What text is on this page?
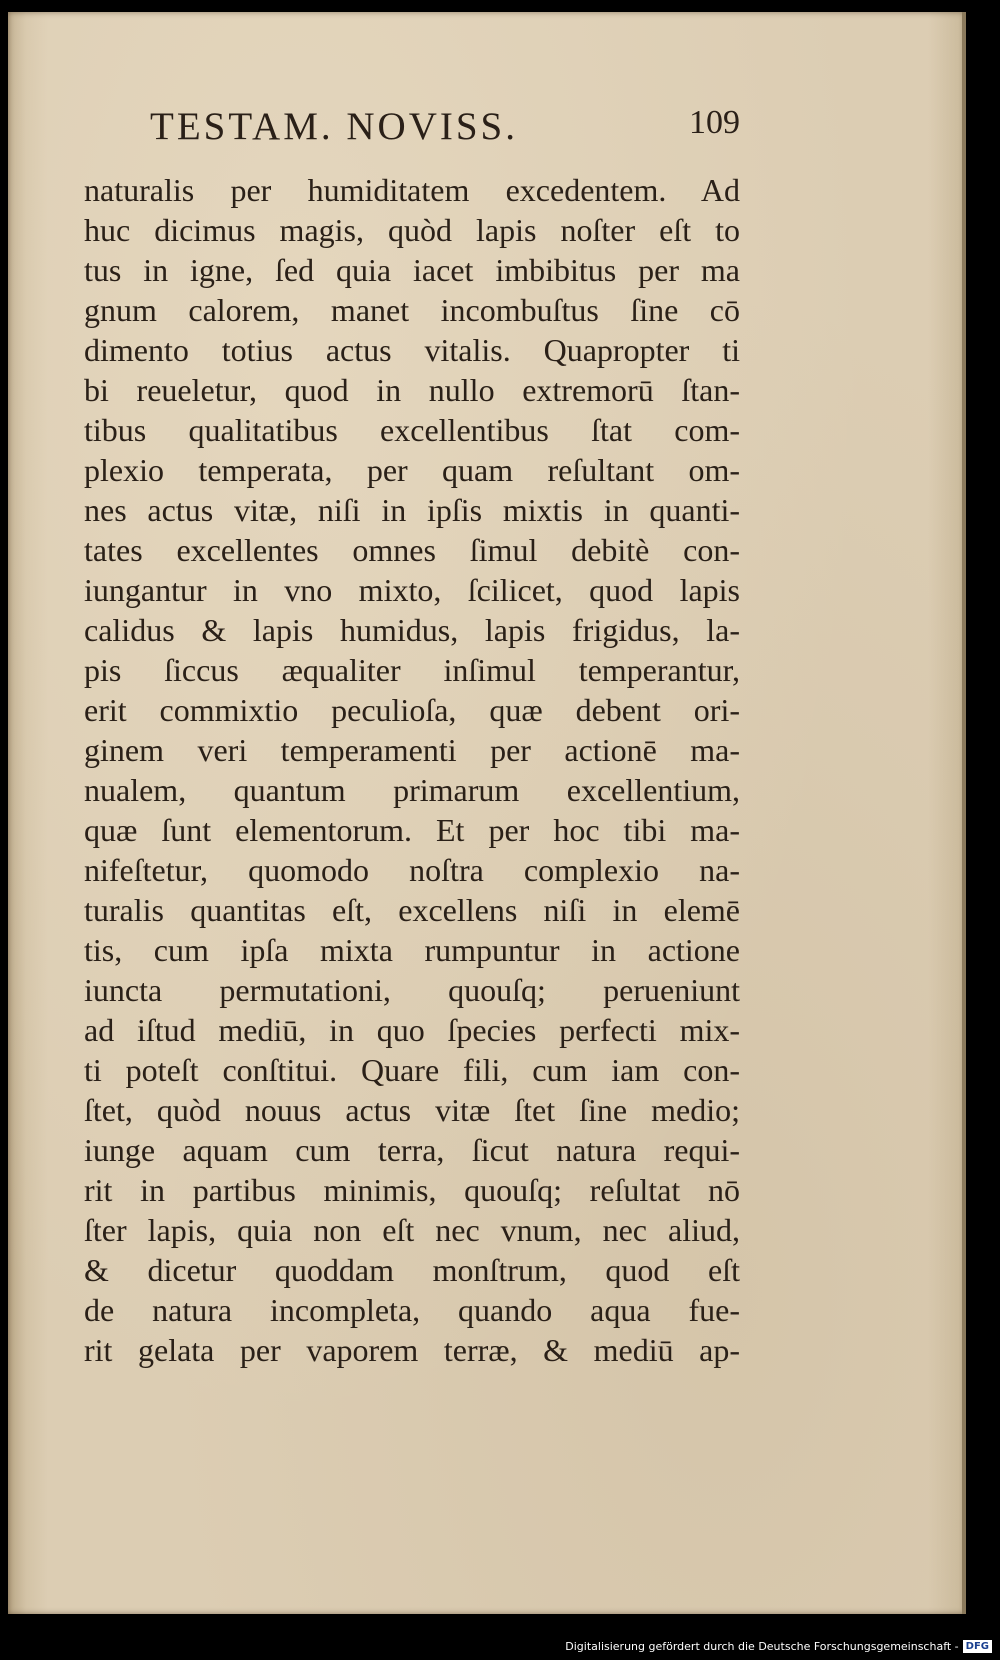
TESTAM. NOVISS.	109
naturalis per humiditatem excedentem. Ad
huc dicimus magis, quòd lapis noſter eſt to
tus in igne, ſed quia iacet imbibitus per ma
gnum calorem, manet incombuſtus ſine cō
dimento totius actus vitalis. Quapropter ti
bi reueletur, quod in nullo extremorū ſtan-
tibus qualitatibus excellentibus ſtat com-
plexio temperata, per quam reſultant om-
nes actus vitæ, niſi in ipſis mixtis in quanti-
tates excellentes omnes ſimul debitè con-
iungantur in vno mixto, ſcilicet, quod lapis
calidus & lapis humidus, lapis frigidus, la-
pis ſiccus æqualiter inſimul temperantur,
erit commixtio peculioſa, quæ debent ori-
ginem veri temperamenti per actionē ma-
nualem, quantum primarum excellentium,
quæ ſunt elementorum. Et per hoc tibi ma-
nifeſtetur, quomodo noſtra complexio na-
turalis quantitas eſt, excellens niſi in elemē
tis, cum ipſa mixta rumpuntur in actione
iuncta permutationi, quouſq; perueniunt
ad iſtud mediū, in quo ſpecies perfecti mix-
ti poteſt conſtitui. Quare fili, cum iam con-
ſtet, quòd nouus actus vitæ ſtet ſine medio;
iunge aquam cum terra, ſicut natura requi-
rit in partibus minimis, quouſq; reſultat nō
ſter lapis, quia non eſt nec vnum, nec aliud,
& dicetur quoddam monſtrum, quod eſt
de natura incompleta, quando aqua fue-
rit gelata per vaporem terræ, & mediū ap-
Digitalisierung gefördert durch die Deutsche Forschungsgemeinschaft - DFG
